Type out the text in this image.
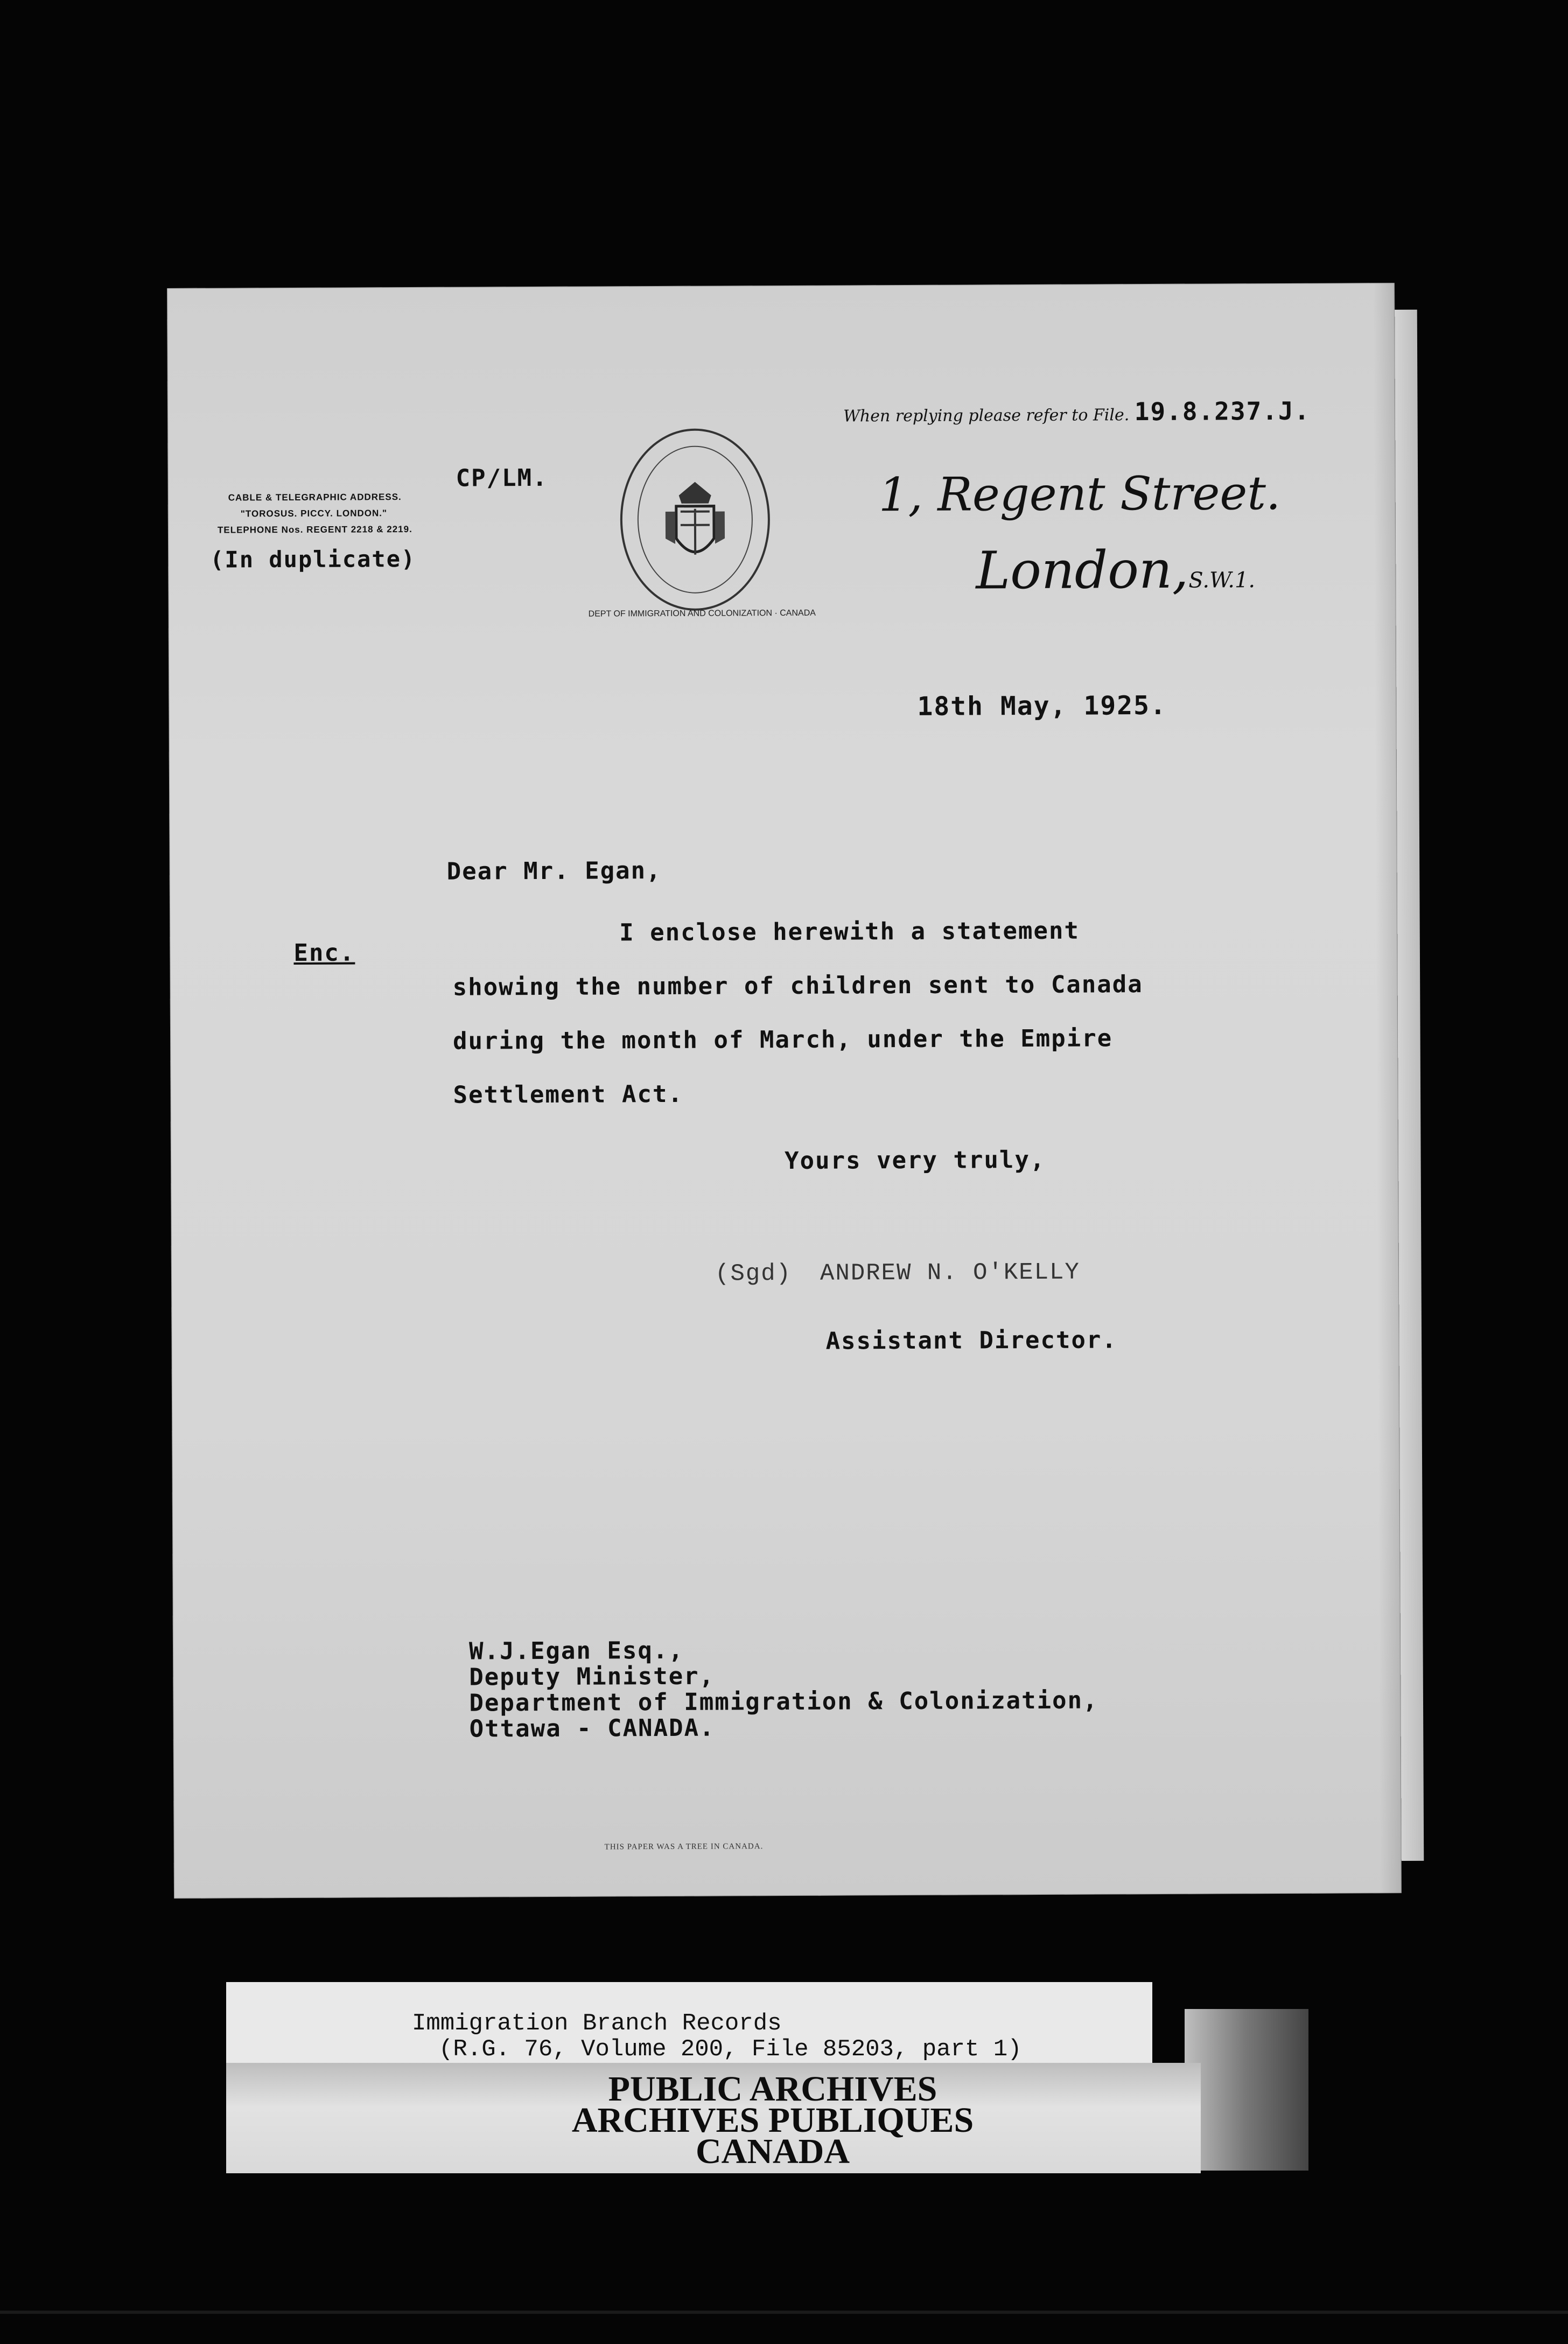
CABLE & TELEGRAPHIC ADDRESS.
"TOROSUS. PICCY. LONDON."
TELEPHONE Nos. REGENT 2218 & 2219.
(In duplicate)
CP/LM.
DEPT OF IMMIGRATION AND COLONIZATION · CANADA
When replying please refer to File. 19.8.237.J.
1, Regent Street.
London,S.W.1.
18th May, 1925.
Dear Mr. Egan,
Enc.
I enclose herewith a statement
showing the number of children sent to Canada
during the month of March, under the Empire
Settlement Act.
Yours very truly,
(Sgd) ANDREW N. O'KELLY
Assistant Director.
W.J.Egan Esq.,
Deputy Minister,
Department of Immigration & Colonization,
Ottawa - CANADA.
THIS PAPER WAS A TREE IN CANADA.
Immigration Branch Records
(R.G. 76, Volume 200, File 85203, part 1)
PUBLIC ARCHIVES
ARCHIVES PUBLIQUES
CANADA
